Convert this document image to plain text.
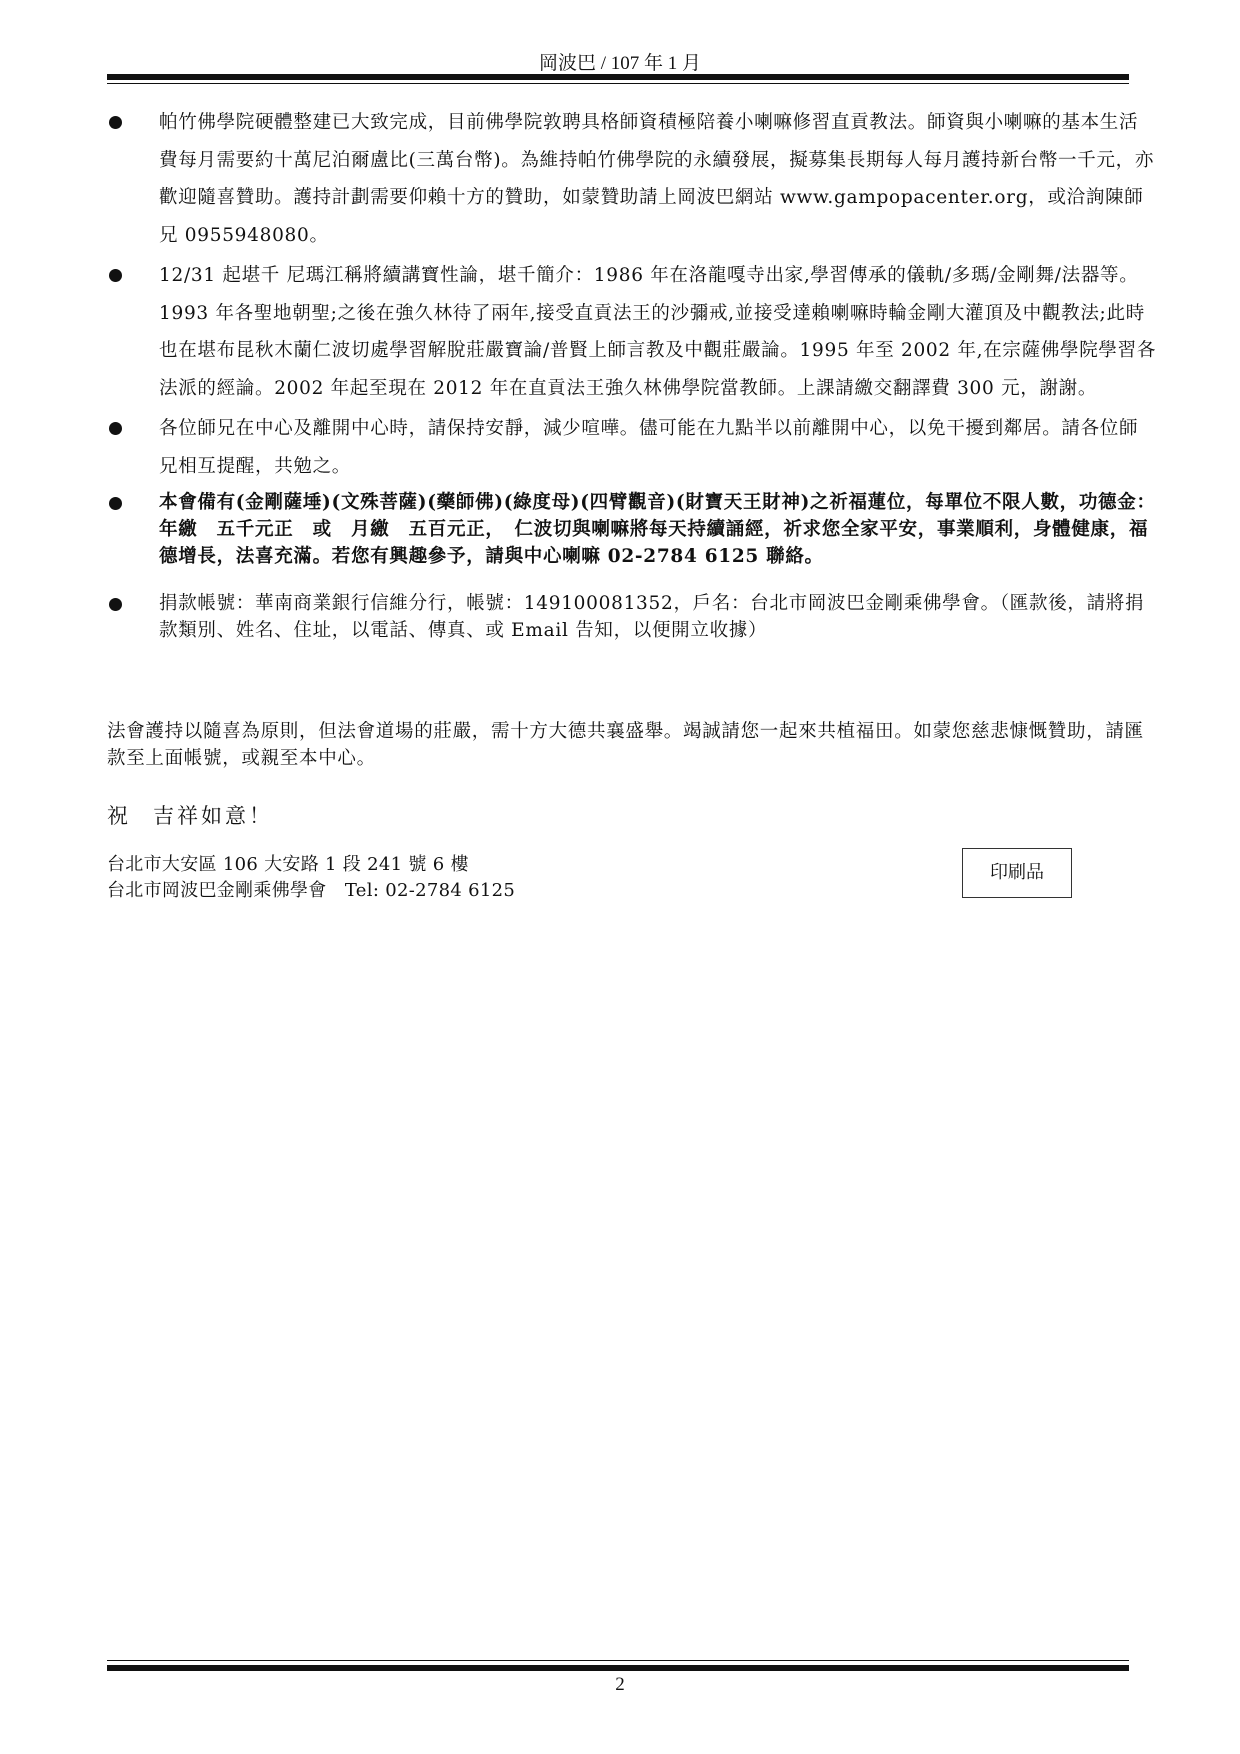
岡波巴 / 107 年 1 月
帕竹佛學院硬體整建已大致完成，目前佛學院敦聘具格師資積極陪養小喇嘛修習直貢教法。師資與小喇嘛的基本生活費每月需要約十萬尼泊爾盧比(三萬台幣)。為維持帕竹佛學院的永續發展，擬募集長期每人每月護持新台幣一千元，亦歡迎隨喜贊助。護持計劃需要仰賴十方的贊助，如蒙贊助請上岡波巴網站 www.gampopacenter.org，或洽詢陳師兄 0955948080。
12/31 起堪千 尼瑪江稱將續講寶性論，堪千簡介：1986 年在洛龍嘎寺出家,學習傳承的儀軌/多瑪/金剛舞/法器等。1993 年各聖地朝聖;之後在強久林待了兩年,接受直貢法王的沙彌戒,並接受達賴喇嘛時輪金剛大灌頂及中觀教法;此時也在堪布昆秋木蘭仁波切處學習解脫莊嚴寶論/普賢上師言教及中觀莊嚴論。1995 年至 2002 年,在宗薩佛學院學習各法派的經論。2002 年起至現在 2012 年在直貢法王強久林佛學院當教師。上課請繳交翻譯費 300 元，謝謝。
各位師兄在中心及離開中心時，請保持安靜，減少喧嘩。儘可能在九點半以前離開中心，以免干擾到鄰居。請各位師兄相互提醒，共勉之。
本會備有(金剛薩埵)(文殊菩薩)(藥師佛)(綠度母)(四臂觀音)(財寶天王財神)之祈福蓮位，每單位不限人數，功德金：年繳　五千元正　或　月繳　五百元正，　仁波切與喇嘛將每天持續誦經，祈求您全家平安，事業順利，身體健康，福德增長，法喜充滿。若您有興趣參予，請與中心喇嘛 02-2784 6125 聯絡。
捐款帳號：華南商業銀行信維分行，帳號：149100081352，戶名：台北市岡波巴金剛乘佛學會。（匯款後，請將捐款類別、姓名、住址，以電話、傳真、或 Email 告知，以便開立收據）

法會護持以隨喜為原則，但法會道場的莊嚴，需十方大德共襄盛舉。竭誠請您一起來共植福田。如蒙您慈悲慷慨贊助，請匯款至上面帳號，或親至本中心。

祝 吉祥如意！
台北市大安區 106 大安路 1 段 241 號 6 樓
台北市岡波巴金剛乘佛學會　Tel: 02-2784 6125
印刷品
2
